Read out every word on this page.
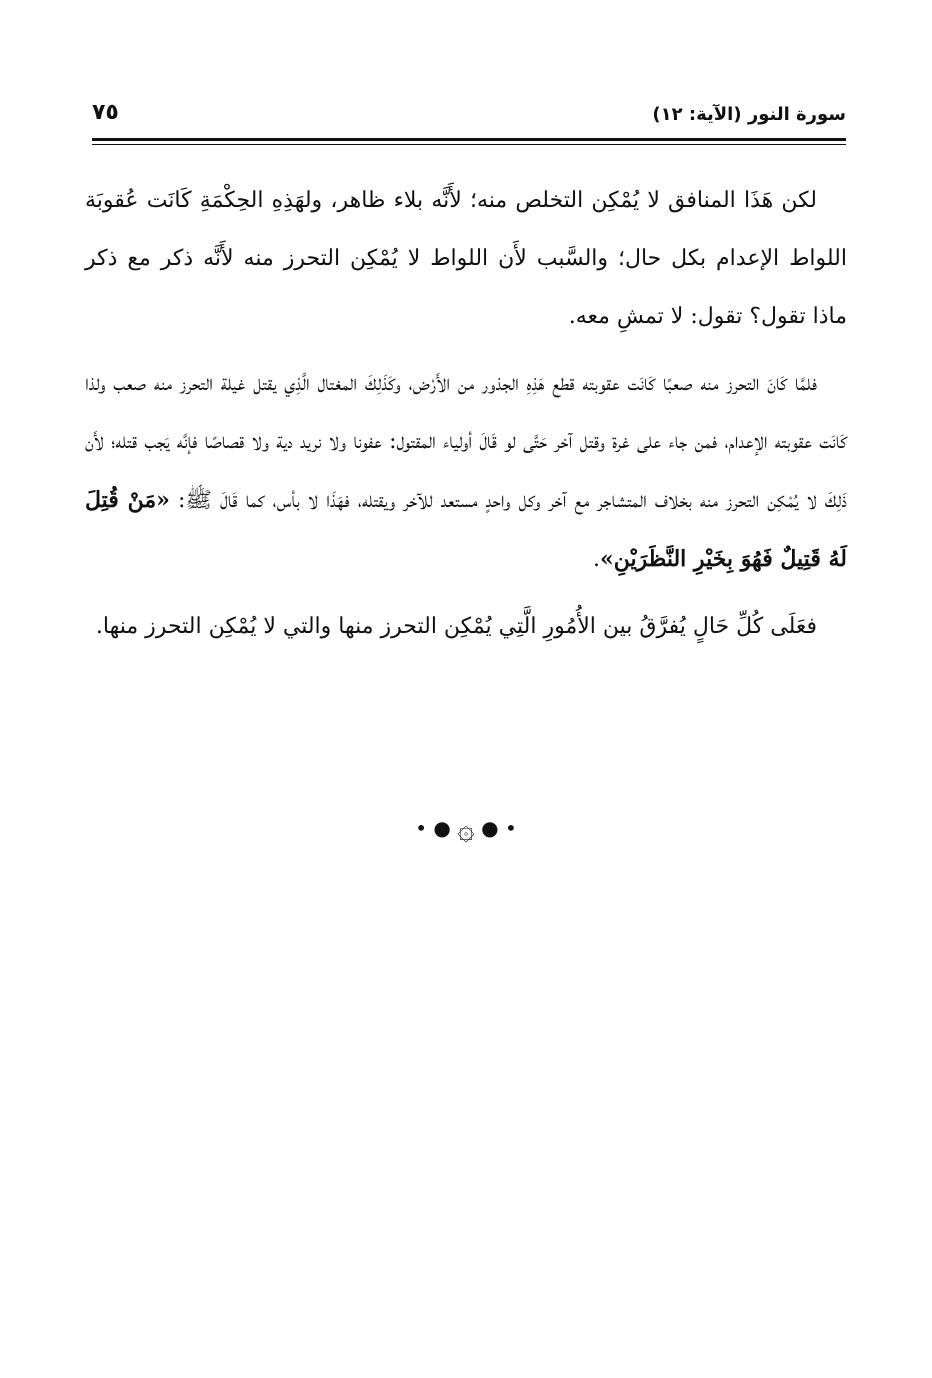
سورة النور (الآية: ١٢)
٧٥

لكن هَذَا المنافق لا يُمْكِن التخلص منه؛ لأَنَّه بلاء ظاهر، ولهَذِهِ الحِكْمَةِ كَانَت عُقوبَة اللواط الإعدام بكل حال؛ والسَّبب لأَن اللواط لا يُمْكِن التحرز منه لأَنَّه ذكر مع ذكر ماذا تقول؟ تقول: لا تمشِ معه.

فلمَّا كَانَ التحرز منه صعبًا كَانَت عقوبته قطع هَذِهِ الجذور من الأَرْض، وكَذَلِكَ المغتال الَّذِي يقتل غيلة التحرز منه صعب ولذا كَانَت عقوبته الإعدام، فمن جاء على غرة وقتل آخر حَتَّى لو قَالَ أولياء المقتول: عفونا ولا نريد دية ولا قصاصًا فإنَّه يَجب قتله؛ لأَن ذَلِكَ لا يُمْكِن التحرز منه بخلاف المتشاجر مع آخر وكل واحدٍ مستعد للآخر ويقتله، فهَذَا لا بأس، كما قَالَ ﷺ: «مَنْ قُتِلَ لَهُ قَتِيلٌ فَهُوَ بِخَيْرِ النَّظَرَيْنِ».

فعَلَى كُلِّ حَالٍ يُفرَّقُ بين الأُمُورِ الَّتِي يُمْكِن التحرز منها والتي لا يُمْكِن التحرز منها.

• ● ۞ ● •
